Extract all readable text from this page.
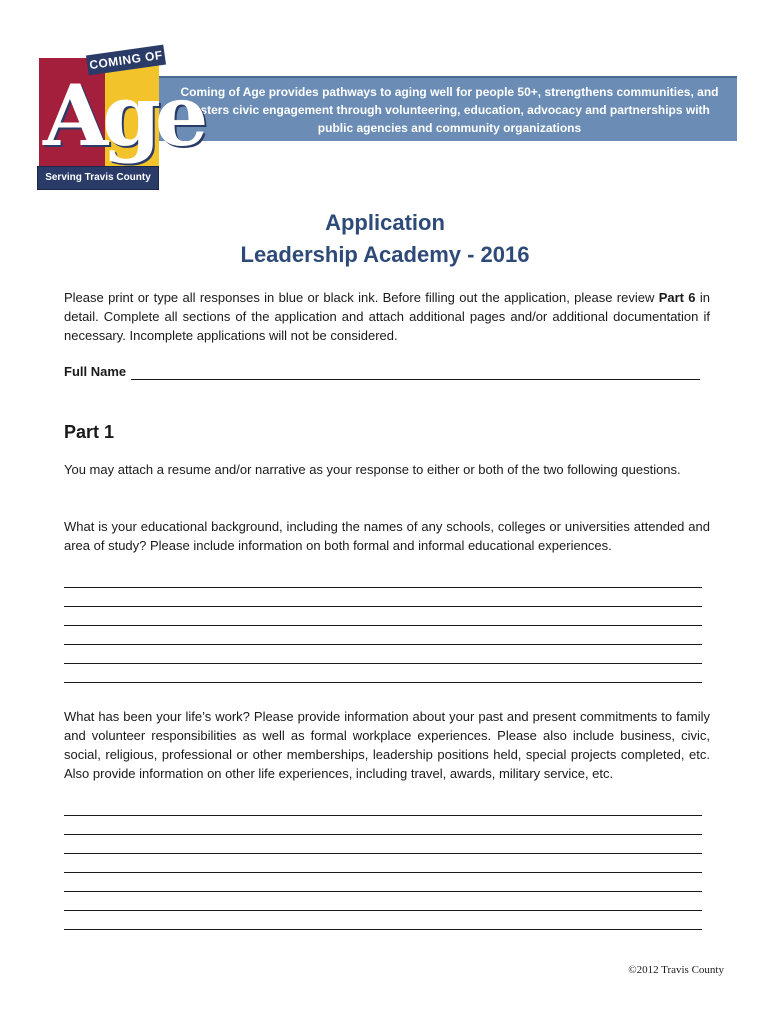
Coming of Age provides pathways to aging well for people 50+, strengthens communities, and fosters civic engagement through volunteering, education, advocacy and partnerships with public agencies and community organizations
COMING OF
Age
Serving Travis County
Application
Leadership Academy - 2016
Please print or type all responses in blue or black ink. Before filling out the application, please review Part 6 in detail. Complete all sections of the application and attach additional pages and/or additional documentation if necessary. Incomplete applications will not be considered.
Full Name
Part 1
You may attach a resume and/or narrative as your response to either or both of the two following questions.
What is your educational background, including the names of any schools, colleges or universities attended and area of study? Please include information on both formal and informal educational experiences.
What has been your life’s work? Please provide information about your past and present commitments to family and volunteer responsibilities as well as formal workplace experiences. Please also include business, civic, social, religious, professional or other memberships, leadership positions held, special projects completed, etc. Also provide information on other life experiences, including travel, awards, military service, etc.
©2012 Travis County
